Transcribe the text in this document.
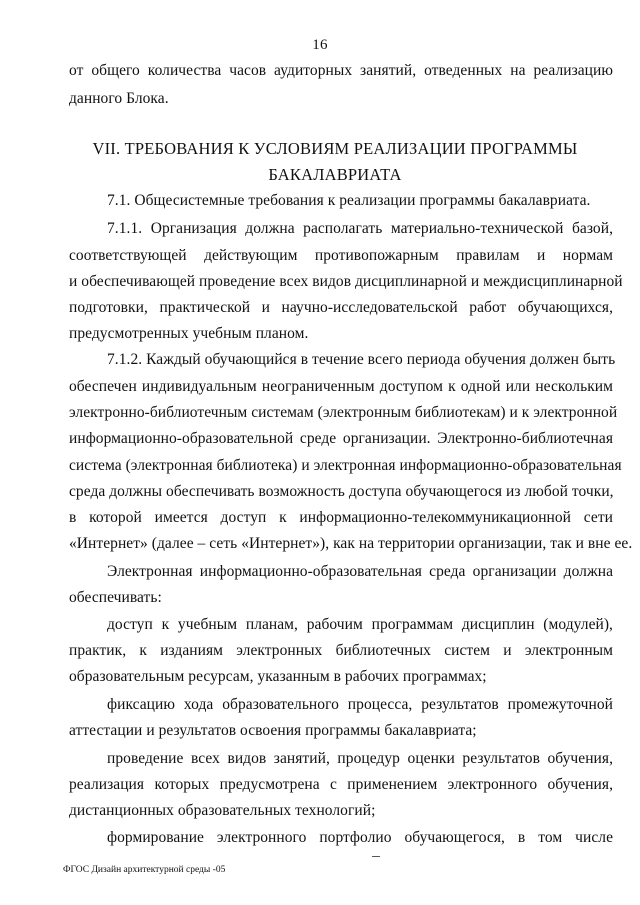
16
от общего количества часов аудиторных занятий, отведенных на реализацию
данного Блока.
VII. ТРЕБОВАНИЯ К УСЛОВИЯМ РЕАЛИЗАЦИИ ПРОГРАММЫ
БАКАЛАВРИАТА
7.1. Общесистемные требования к реализации программы бакалавриата.
7.1.1. Организация должна располагать материально-технической базой,
соответствующей действующим противопожарным правилам и нормам
и обеспечивающей проведение всех видов дисциплинарной и междисциплинарной
подготовки, практической и научно-исследовательской работ обучающихся,
предусмотренных учебным планом.
7.1.2. Каждый обучающийся в течение всего периода обучения должен быть
обеспечен индивидуальным неограниченным доступом к одной или нескольким
электронно-библиотечным системам (электронным библиотекам) и к электронной
информационно-образовательной среде организации. Электронно-библиотечная
система (электронная библиотека) и электронная информационно-образовательная
среда должны обеспечивать возможность доступа обучающегося из любой точки,
в которой имеется доступ к информационно-телекоммуникационной сети
«Интернет» (далее – сеть «Интернет»), как на территории организации, так и вне ее.
Электронная информационно-образовательная среда организации должна
обеспечивать:
доступ к учебным планам, рабочим программам дисциплин (модулей),
практик, к изданиям электронных библиотечных систем и электронным
образовательным ресурсам, указанным в рабочих программах;
фиксацию хода образовательного процесса, результатов промежуточной
аттестации и результатов освоения программы бакалавриата;
проведение всех видов занятий, процедур оценки результатов обучения,
реализация которых предусмотрена с применением электронного обучения,
дистанционных образовательных технологий;
формирование электронного портфолио обучающегося, в том числе
ФГОС Дизайн архитектурной среды -05
